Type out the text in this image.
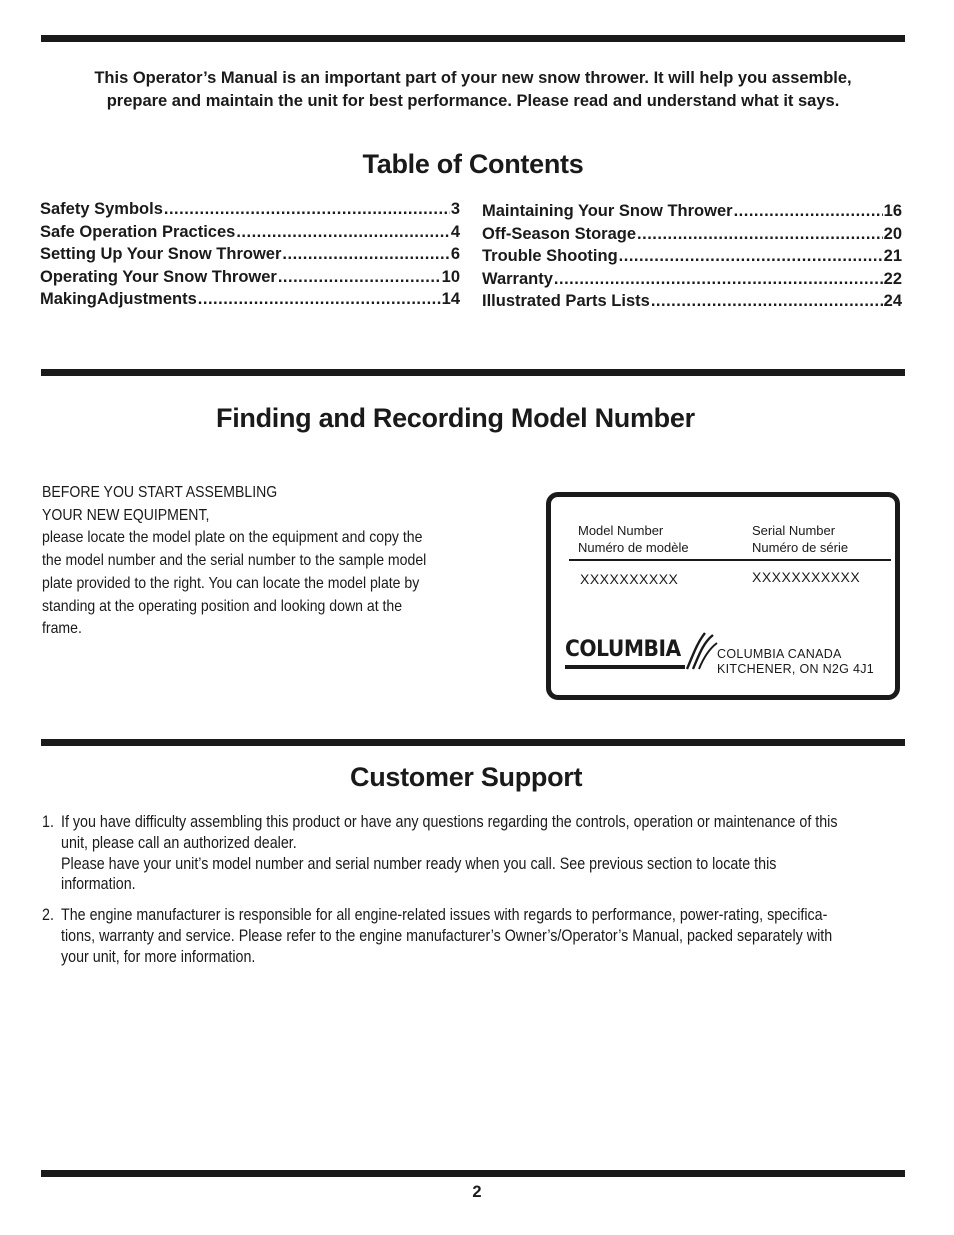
This Operator’s Manual is an important part of your new snow thrower. It will help you assemble,
prepare and maintain the unit for best performance. Please read and understand what it says.
Table of Contents
Safety Symbols .....	3
Safe Operation Practices .....	4
Setting Up Your Snow Thrower .....	6
Operating Your Snow Thrower .....	10
MakingAdjustments .....	14
Maintaining Your Snow Thrower .....	16
Off-Season Storage .....	20
Trouble Shooting .....	21
Warranty .....	22
Illustrated Parts Lists .....	24
Finding and Recording Model Number
BEFORE YOU START ASSEMBLING
YOUR NEW EQUIPMENT,
please locate the model plate on the equipment and copy the
the model number and the serial number to the sample model
plate provided to the right. You can locate the model plate by
standing at the operating position and looking down at the
frame.
Model Number
Numéro de modèle
Serial Number
Numéro de série
XXXXXXXXXX	XXXXXXXXXXX
COLUMBIA	COLUMBIA CANADA
KITCHENER, ON N2G 4J1
Customer Support
1. If you have difficulty assembling this product or have any questions regarding the controls, operation or maintenance of this
unit, please call an authorized dealer.
Please have your unit’s model number and serial number ready when you call. See previous section to locate this
information.
2. The engine manufacturer is responsible for all engine-related issues with regards to performance, power-rating, specifica-
tions, warranty and service. Please refer to the engine manufacturer’s Owner’s/Operator’s Manual, packed separately with
your unit, for more information.
2
